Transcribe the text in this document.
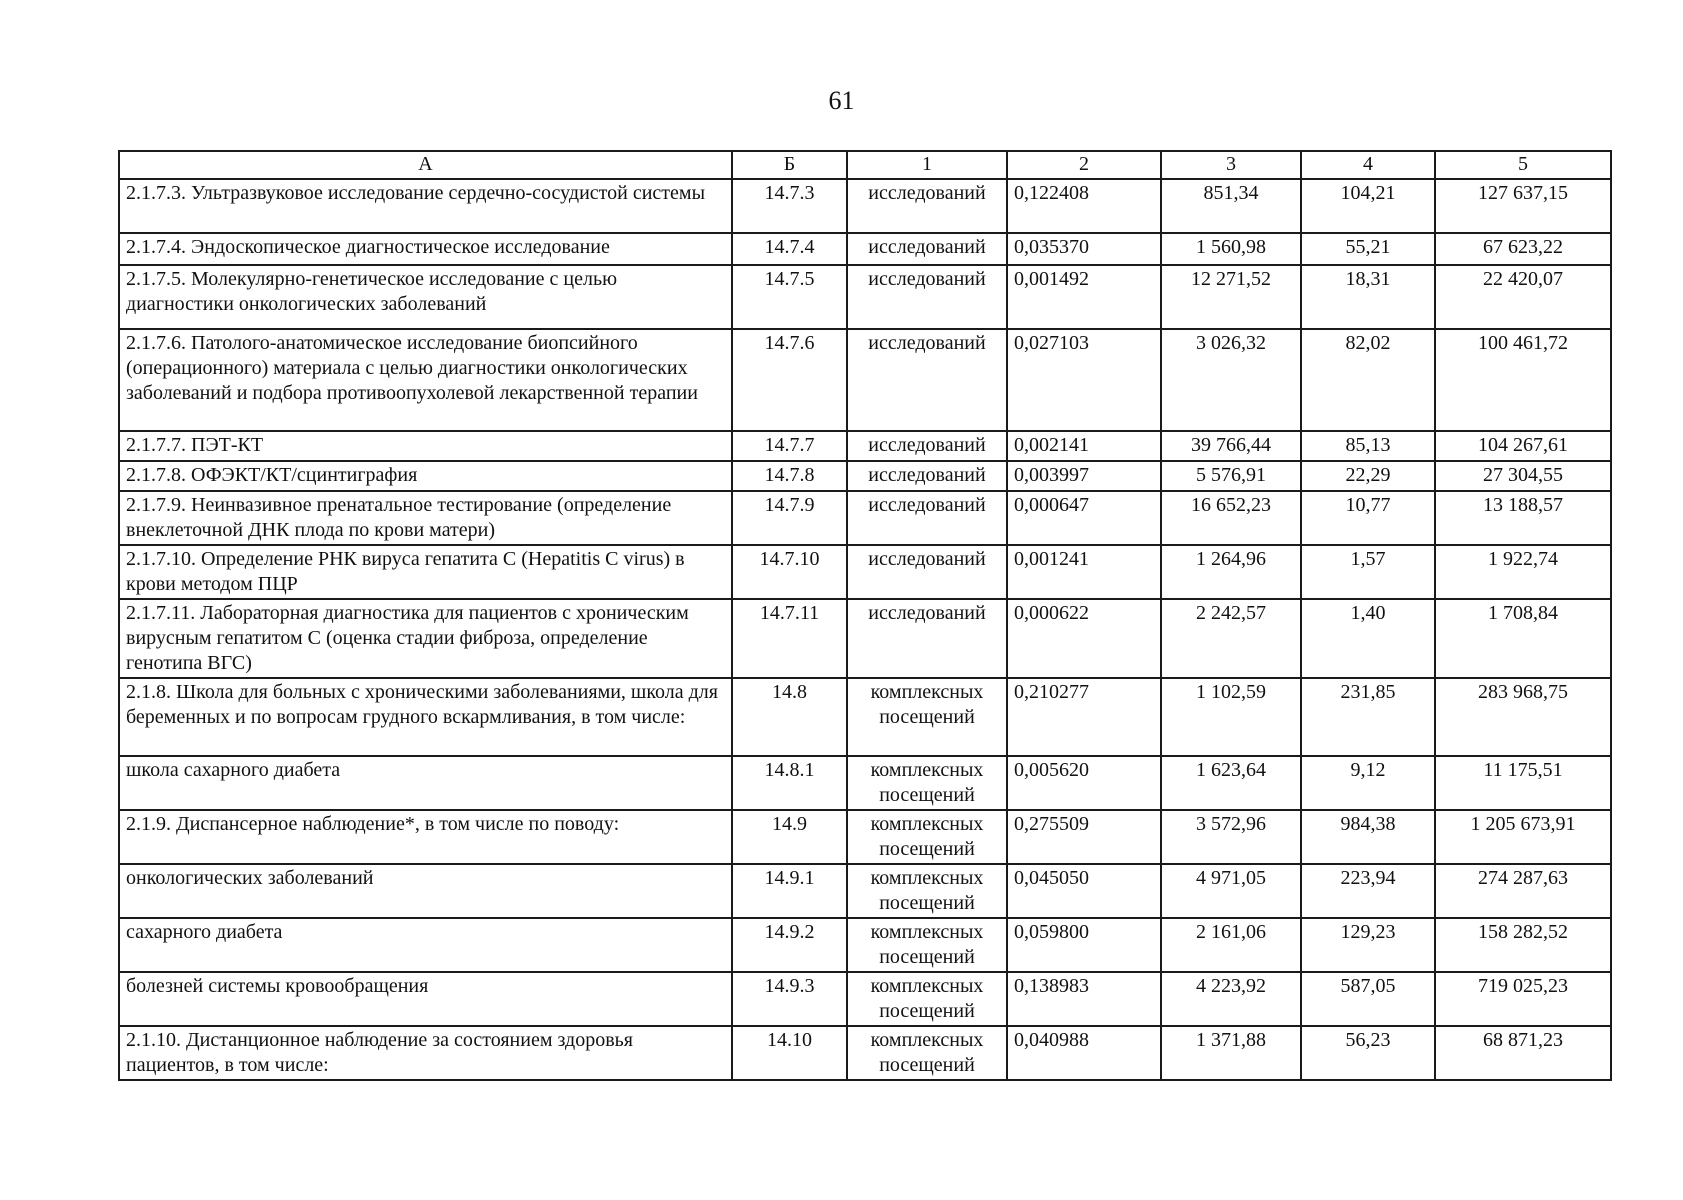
61
А	Б	1	2	3	4	5
2.1.7.3. Ультразвуковое исследование сердечно-сосудистой системы	14.7.3	исследований	0,122408	851,34	104,21	127 637,15
2.1.7.4. Эндоскопическое диагностическое исследование	14.7.4	исследований	0,035370	1 560,98	55,21	67 623,22
2.1.7.5. Молекулярно-генетическое исследование с целью диагностики онкологических заболеваний	14.7.5	исследований	0,001492	12 271,52	18,31	22 420,07
2.1.7.6. Патолого-анатомическое исследование биопсийного (операционного) материала с целью диагностики онкологических заболеваний и подбора противоопухолевой лекарственной терапии	14.7.6	исследований	0,027103	3 026,32	82,02	100 461,72
2.1.7.7. ПЭТ-КТ	14.7.7	исследований	0,002141	39 766,44	85,13	104 267,61
2.1.7.8. ОФЭКТ/КТ/сцинтиграфия	14.7.8	исследований	0,003997	5 576,91	22,29	27 304,55
2.1.7.9. Неинвазивное пренатальное тестирование (определение внеклеточной ДНК плода по крови матери)	14.7.9	исследований	0,000647	16 652,23	10,77	13 188,57
2.1.7.10. Определение РНК вируса гепатита С (Hepatitis С virus) в крови методом ПЦР	14.7.10	исследований	0,001241	1 264,96	1,57	1 922,74
2.1.7.11. Лабораторная диагностика для пациентов с хроническим вирусным гепатитом С (оценка стадии фиброза, определение генотипа ВГС)	14.7.11	исследований	0,000622	2 242,57	1,40	1 708,84
2.1.8. Школа для больных с хроническими заболеваниями, школа для беременных и по вопросам грудного вскармливания, в том числе:	14.8	комплексных посещений	0,210277	1 102,59	231,85	283 968,75
школа сахарного диабета	14.8.1	комплексных посещений	0,005620	1 623,64	9,12	11 175,51
2.1.9. Диспансерное наблюдение*, в том числе по поводу:	14.9	комплексных посещений	0,275509	3 572,96	984,38	1 205 673,91
онкологических заболеваний	14.9.1	комплексных посещений	0,045050	4 971,05	223,94	274 287,63
сахарного диабета	14.9.2	комплексных посещений	0,059800	2 161,06	129,23	158 282,52
болезней системы кровообращения	14.9.3	комплексных посещений	0,138983	4 223,92	587,05	719 025,23
2.1.10. Дистанционное наблюдение за состоянием здоровья пациентов, в том числе:	14.10	комплексных посещений	0,040988	1 371,88	56,23	68 871,23
